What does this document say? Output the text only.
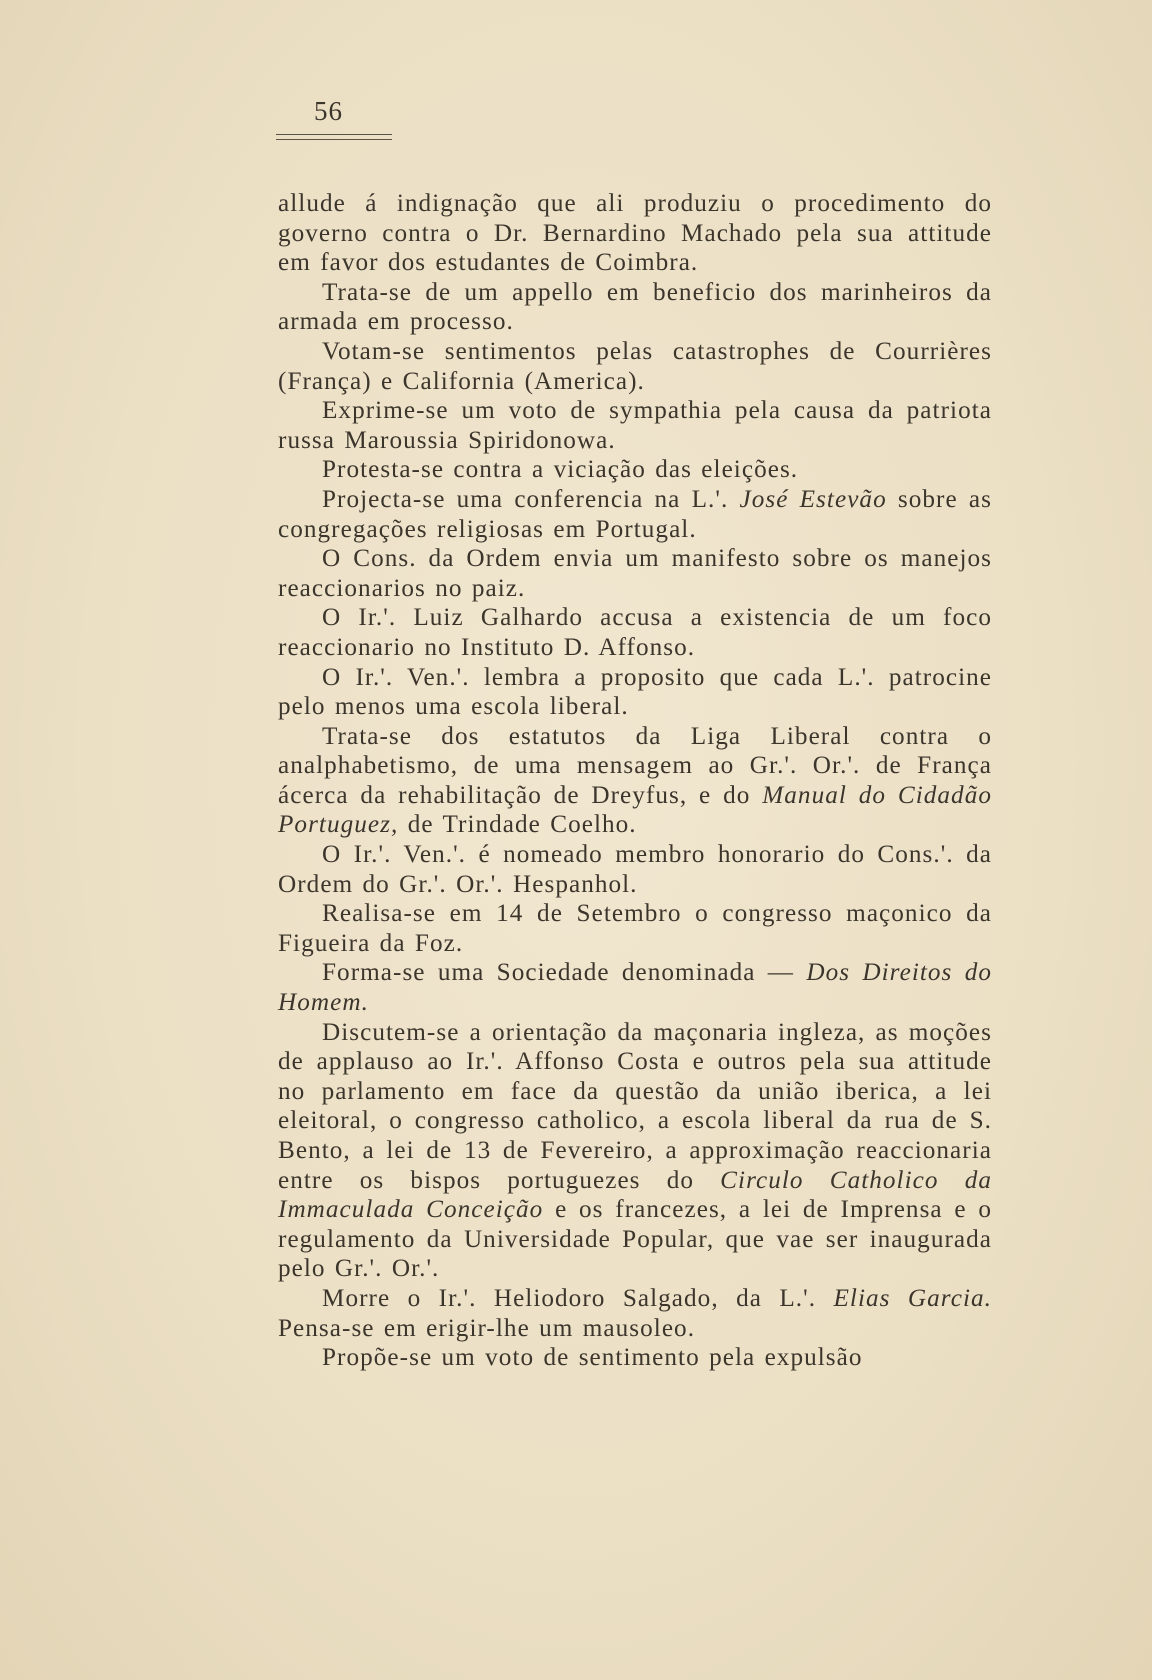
56

allude á indignação que ali produziu o procedimento do governo contra o Dr. Bernardino Machado pela sua attitude em favor dos estudantes de Coimbra.

Trata-se de um appello em beneficio dos marinheiros da armada em processo.

Votam-se sentimentos pelas catastrophes de Courrières (França) e California (America).

Exprime-se um voto de sympathia pela causa da patriota russa Maroussia Spiridonowa.

Protesta-se contra a viciação das eleições.

Projecta-se uma conferencia na L.'. José Estevão sobre as congregações religiosas em Portugal.

O Cons. da Ordem envia um manifesto sobre os manejos reaccionarios no paiz.

O Ir.'. Luiz Galhardo accusa a existencia de um foco reaccionario no Instituto D. Affonso.

O Ir.'. Ven.'. lembra a proposito que cada L.'. patrocine pelo menos uma escola liberal.

Trata-se dos estatutos da Liga Liberal contra o analphabetismo, de uma mensagem ao Gr.'. Or.'. de França ácerca da rehabilitação de Dreyfus, e do Manual do Cidadão Portuguez, de Trindade Coelho.

O Ir.'. Ven.'. é nomeado membro honorario do Cons.'. da Ordem do Gr.'. Or.'. Hespanhol.

Realisa-se em 14 de Setembro o congresso maçonico da Figueira da Foz.

Forma-se uma Sociedade denominada — Dos Direitos do Homem.

Discutem-se a orientação da maçonaria ingleza, as moções de applauso ao Ir.'. Affonso Costa e outros pela sua attitude no parlamento em face da questão da união iberica, a lei eleitoral, o congresso catholico, a escola liberal da rua de S. Bento, a lei de 13 de Fevereiro, a approximação reaccionaria entre os bispos portuguezes do Circulo Catholico da Immaculada Conceição e os francezes, a lei de Imprensa e o regulamento da Universidade Popular, que vae ser inaugurada pelo Gr.'. Or.'.

Morre o Ir.'. Heliodoro Salgado, da L.'. Elias Garcia. Pensa-se em erigir-lhe um mausoleo.

Propõe-se um voto de sentimento pela expulsão
